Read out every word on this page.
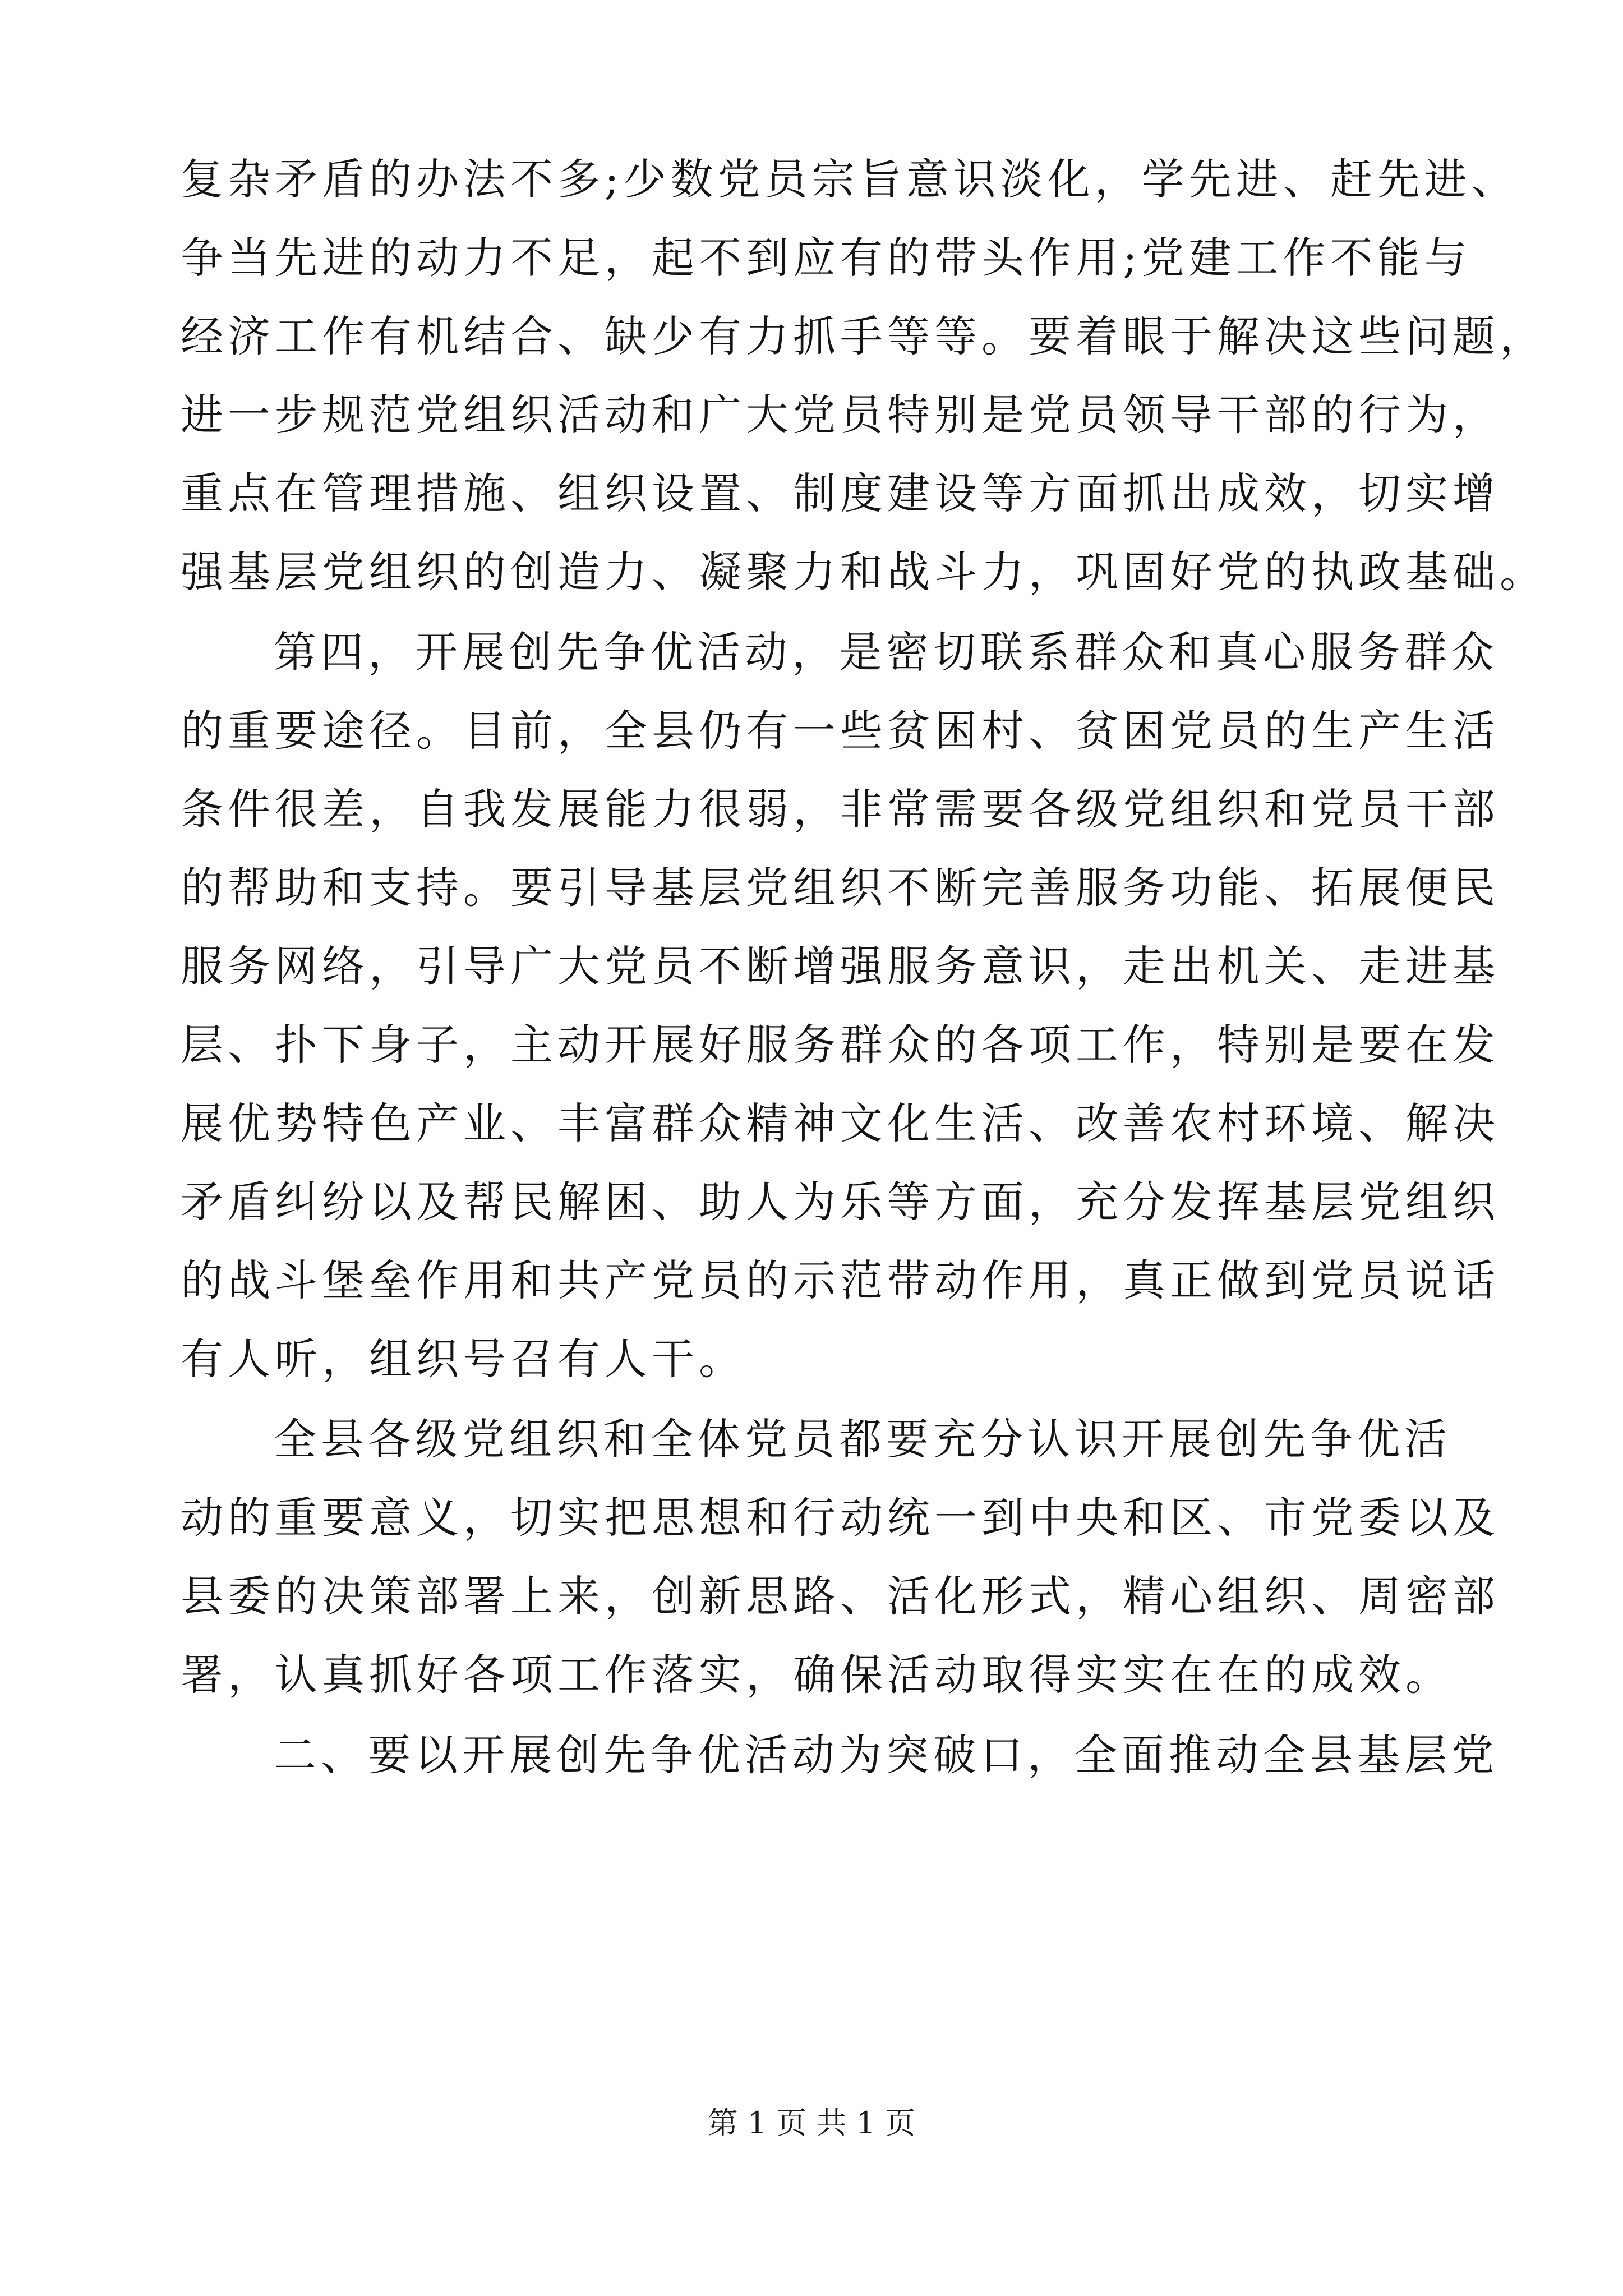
复杂矛盾的办法不多;少数党员宗旨意识淡化，学先进、赶先进、
争当先进的动力不足，起不到应有的带头作用;党建工作不能与
经济工作有机结合、缺少有力抓手等等。要着眼于解决这些问题，
进一步规范党组织活动和广大党员特别是党员领导干部的行为，
重点在管理措施、组织设置、制度建设等方面抓出成效，切实增
强基层党组织的创造力、凝聚力和战斗力，巩固好党的执政基础。
第四，开展创先争优活动，是密切联系群众和真心服务群众
的重要途径。目前，全县仍有一些贫困村、贫困党员的生产生活
条件很差，自我发展能力很弱，非常需要各级党组织和党员干部
的帮助和支持。要引导基层党组织不断完善服务功能、拓展便民
服务网络，引导广大党员不断增强服务意识，走出机关、走进基
层、扑下身子，主动开展好服务群众的各项工作，特别是要在发
展优势特色产业、丰富群众精神文化生活、改善农村环境、解决
矛盾纠纷以及帮民解困、助人为乐等方面，充分发挥基层党组织
的战斗堡垒作用和共产党员的示范带动作用，真正做到党员说话
有人听，组织号召有人干。
全县各级党组织和全体党员都要充分认识开展创先争优活
动的重要意义，切实把思想和行动统一到中央和区、市党委以及
县委的决策部署上来，创新思路、活化形式，精心组织、周密部
署，认真抓好各项工作落实，确保活动取得实实在在的成效。
二、要以开展创先争优活动为突破口，全面推动全县基层党
第 1 页 共 1 页
